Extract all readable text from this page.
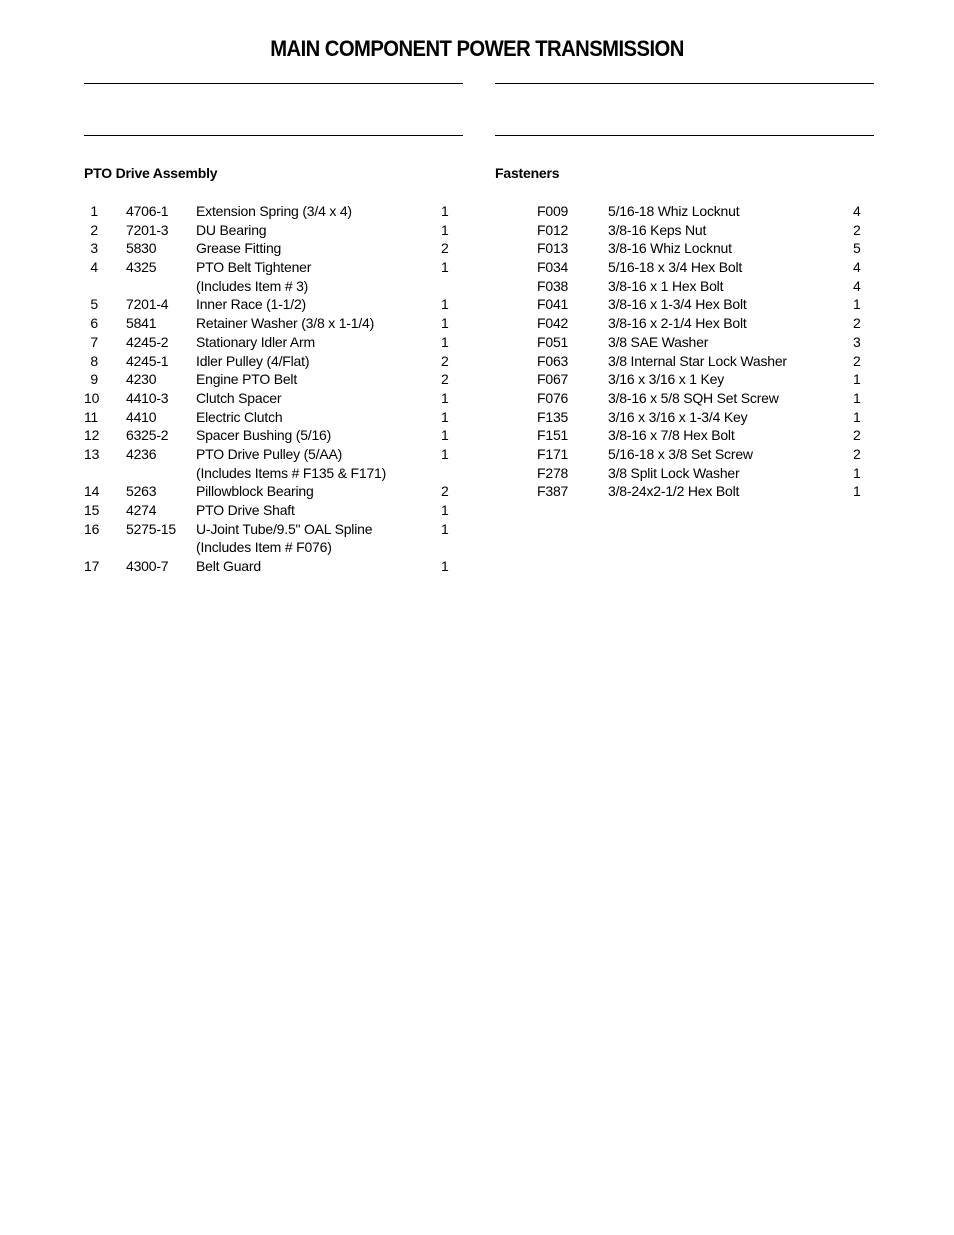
MAIN COMPONENT POWER TRANSMISSION
PTO Drive Assembly
1 4706-1 Extension Spring (3/4 x 4)	1
2 7201-3 DU Bearing	1
3 5830	Grease Fitting	2
4 4325	PTO Belt Tightener	1
(Includes Item # 3)
5 7201-4 Inner Race (1-1/2)	1
6 5841	Retainer Washer (3/8 x 1-1/4)	1
7 4245-2 Stationary Idler Arm	1
8 4245-1 Idler Pulley (4/Flat)	2
9 4230	Engine PTO Belt	2
10 4410-3 Clutch Spacer	1
11 4410	Electric Clutch	1
12 6325-2 Spacer Bushing (5/16)	1
13 4236	PTO Drive Pulley (5/AA)	1
(Includes Items # F135 & F171)
14 5263	Pillowblock Bearing	2
15 4274	PTO Drive Shaft	1
16 5275-15 U-Joint Tube/9.5" OAL Spline	1
(Includes Item # F076)
17 4300-7 Belt Guard	1
Fasteners
F009	5/16-18 Whiz Locknut	4
F012	3/8-16 Keps Nut	2
F013	3/8-16 Whiz Locknut	5
F034	5/16-18 x 3/4 Hex Bolt	4
F038	3/8-16 x 1 Hex Bolt	4
F041	3/8-16 x 1-3/4 Hex Bolt	1
F042	3/8-16 x 2-1/4 Hex Bolt	2
F051	3/8 SAE Washer	3
F063	3/8 Internal Star Lock Washer	2
F067	3/16 x 3/16 x 1 Key	1
F076	3/8-16 x 5/8 SQH Set Screw	1
F135	3/16 x 3/16 x 1-3/4 Key	1
F151	3/8-16 x 7/8 Hex Bolt	2
F171	5/16-18 x 3/8 Set Screw	2
F278	3/8 Split Lock Washer	1
F387	3/8-24x2-1/2 Hex Bolt	1
